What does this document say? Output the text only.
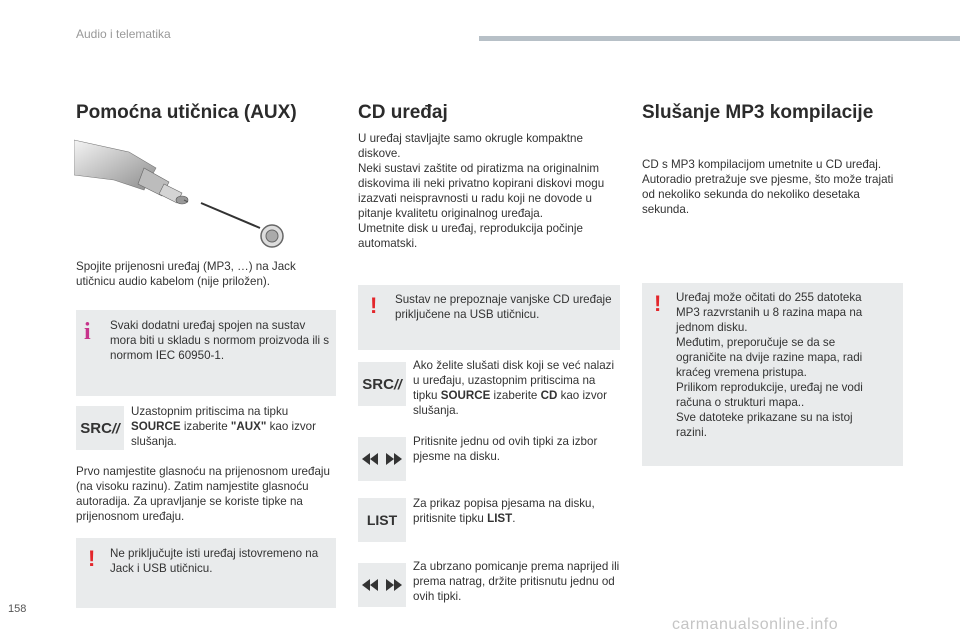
Audio i telematika
Pomoćna utičnica (AUX)
Spojite prijenosni uređaj (MP3, …) na Jack utičnicu audio kabelom (nije priložen).
i Svaki dodatni uređaj spojen na sustav mora biti u skladu s normom proizvoda ili s normom IEC 60950-1.
SRC//
Uzastopnim pritiscima na tipku SOURCE izaberite "AUX" kao izvor slušanja.
Prvo namjestite glasnoću na prijenosnom uređaju (na visoku razinu). Zatim namjestite glasnoću autoradija. Za upravljanje se koriste tipke na prijenosnom uređaju.
! Ne priključujte isti uređaj istovremeno na Jack i USB utičnicu.
CD uređaj
U uređaj stavljajte samo okrugle kompaktne diskove.
Neki sustavi zaštite od piratizma na originalnim diskovima ili neki privatno kopirani diskovi mogu izazvati neispravnosti u radu koji ne dovode u pitanje kvalitetu originalnog uređaja.
Umetnite disk u uređaj, reprodukcija počinje automatski.
! Sustav ne prepoznaje vanjske CD uređaje priključene na USB utičnicu.
SRC//
Ako želite slušati disk koji se već nalazi u uređaju, uzastopnim pritiscima na tipku SOURCE izaberite CD kao izvor slušanja.
Pritisnite jednu od ovih tipki za izbor pjesme na disku.
LIST
Za prikaz popisa pjesama na disku, pritisnite tipku LIST.
Za ubrzano pomicanje prema naprijed ili prema natrag, držite pritisnutu jednu od ovih tipki.
Slušanje MP3 kompilacije
CD s MP3 kompilacijom umetnite u CD uređaj. Autoradio pretražuje sve pjesme, što može trajati od nekoliko sekunda do nekoliko desetaka sekunda.
! Uređaj može očitati do 255 datoteka MP3 razvrstanih u 8 razina mapa na jednom disku.
Međutim, preporučuje se da se ograničite na dvije razine mapa, radi kraćeg vremena pristupa.
Prilikom reprodukcije, uređaj ne vodi računa o strukturi mapa..
Sve datoteke prikazane su na istoj razini.
158
carmanualsonline.info
